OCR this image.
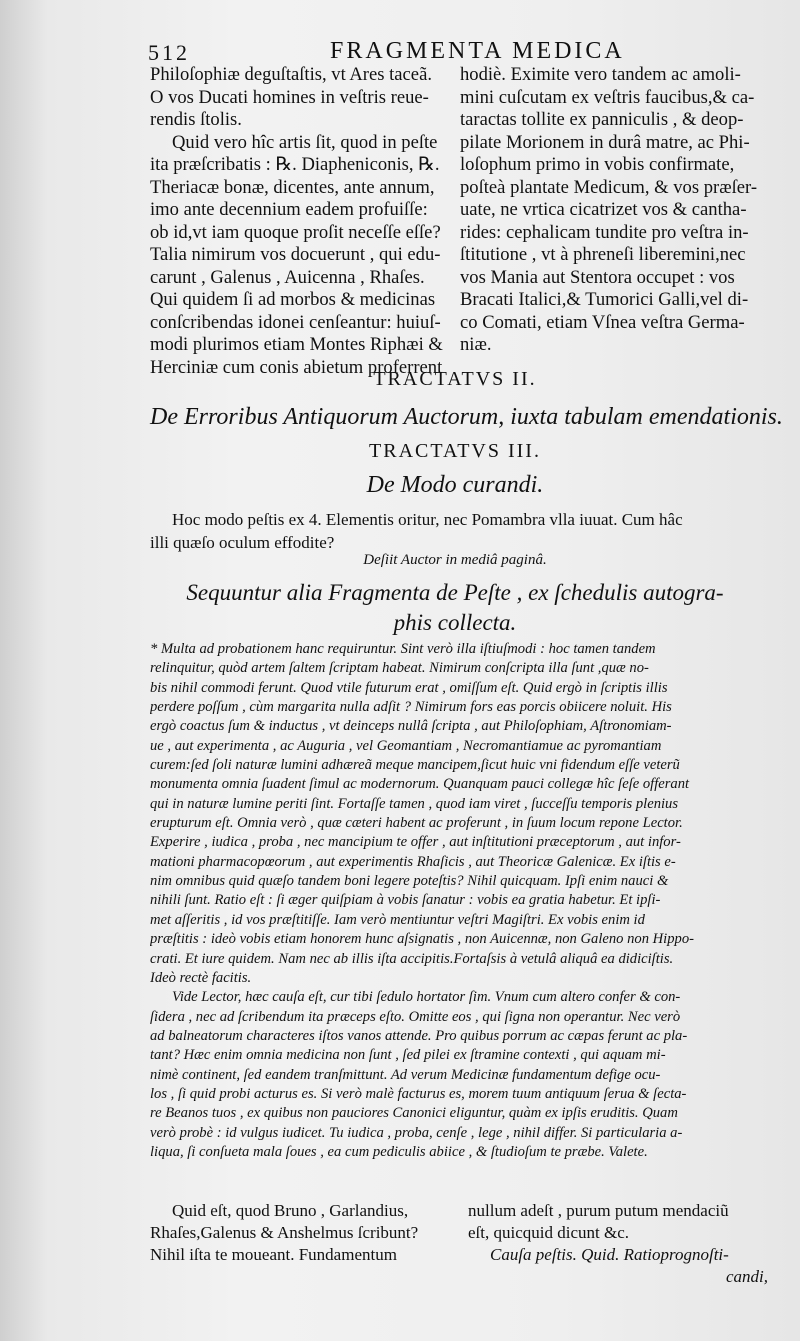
512	FRAGMENTA MEDICA
Philoſophiæ deguſtaſtis, vt Ares taceã.
O vos Ducati homines in veſtris reue-
rendis ſtolis.
Quid vero hîc artis ſit, quod in peſte
ita præſcribatis : ℞. Diapheniconis, ℞.
Theriacæ bonæ, dicentes, ante annum,
imo ante decennium eadem profuiſſe:
ob id,vt iam quoque proſit neceſſe eſſe?
Talia nimirum vos docuerunt , qui edu-
carunt , Galenus , Auicenna , Rhaſes.
Qui quidem ſi ad morbos & medicinas
conſcribendas idonei cenſeantur: huiuſ-
modi plurimos etiam Montes Riphæi &
Herciniæ cum conis abietum proferrent
hodiè. Eximite vero tandem ac amoli-
mini cuſcutam ex veſtris faucibus,& ca-
taractas tollite ex panniculis , & deop-
pilate Morionem in durâ matre, ac Phi-
loſophum primo in vobis confirmate,
poſteà plantate Medicum, & vos præſer-
uate, ne vrtica cicatrizet vos & cantha-
rides: cephalicam tundite pro veſtra in-
ſtitutione , vt à phreneſi liberemini,nec
vos Mania aut Stentora occupet : vos
Bracati Italici,& Tumorici Galli,vel di-
co Comati, etiam Vſnea veſtra Germa-
niæ.
TRACTATVS II.
De Erroribus Antiquorum Auctorum, iuxta tabulam emendationis.
TRACTATVS III.
De Modo curandi.
Hoc modo peſtis ex 4. Elementis oritur, nec Pomambra vlla iuuat. Cum hâc
illi quæſo oculum effodite?
Deſiit Auctor in mediâ paginâ.
Sequuntur alia Fragmenta de Peſte , ex ſchedulis autogra-
phis collecta.
* Multa ad probationem hanc requiruntur. Sint verò illa iſtiuſmodi : hoc tamen tandem
relinquitur, quòd artem ſaltem ſcriptam habeat. Nimirum conſcripta illa ſunt ,quæ no-
bis nihil commodi ferunt. Quod vtile futurum erat , omiſſum eſt. Quid ergò in ſcriptis illis
perdere poſſum , cùm margarita nulla adſit ? Nimirum fors eas porcis obiicere noluit. His
ergò coactus ſum & inductus , vt deinceps nullâ ſcripta , aut Philoſophiam, Aſtronomiam-
ue , aut experimenta , ac Auguria , vel Geomantiam , Necromantiamue ac pyromantiam
curem:ſed ſoli naturæ lumini adhæreã meque mancipem,ſicut huic vni fidendum eſſe veterũ
monumenta omnia ſuadent ſimul ac modernorum. Quanquam pauci collegæ hîc ſeſe offerant
qui in naturæ lumine periti ſint. Fortaſſe tamen , quod iam viret , ſucceſſu temporis plenius
erupturum eſt. Omnia verò , quæ cæteri habent ac proferunt , in ſuum locum repone Lector.
Experire , iudica , proba , nec mancipium te offer , aut inſtitutioni præceptorum , aut infor-
mationi pharmacopœorum , aut experimentis Rhaſicis , aut Theoricæ Galenicæ. Ex iſtis e-
nim omnibus quid quæſo tandem boni legere poteſtis? Nihil quicquam. Ipſi enim nauci &
nihili ſunt. Ratio eſt : ſi æger quiſpiam à vobis ſanatur : vobis ea gratia habetur. Et ipſi-
met aſſeritis , id vos præſtitiſſe. Iam verò mentiuntur veſtri Magiſtri. Ex vobis enim id
præſtitis : ideò vobis etiam honorem hunc aſsignatis , non Auicennæ, non Galeno non Hippo-
crati. Et iure quidem. Nam nec ab illis iſta accipitis.Fortaſsis à vetulâ aliquâ ea didiciſtis.
Ideò rectè facitis.
Vide Lector, hæc cauſa eſt, cur tibi ſedulo hortator ſim. Vnum cum altero confer & con-
ſidera , nec ad ſcribendum ita præceps eſto. Omitte eos , qui ſigna non operantur. Nec verò
ad balneatorum characteres iſtos vanos attende. Pro quibus porrum ac cæpas ferunt ac pla-
tant? Hæc enim omnia medicina non ſunt , ſed pilei ex ſtramine contexti , qui aquam mi-
nimè continent, ſed eandem tranſmittunt. Ad verum Medicinæ fundamentum defige ocu-
los , ſi quid probi acturus es. Si verò malè facturus es, morem tuum antiquum ſerua & ſecta-
re Beanos tuos , ex quibus non pauciores Canonici eliguntur, quàm ex ipſis eruditis. Quam
verò probè : id vulgus iudicet. Tu iudica , proba, cenſe , lege , nihil differ. Si particularia a-
liqua, ſi conſueta mala ſoues , ea cum pediculis abiice , & ſtudioſum te præbe. Valete.
Quid eſt, quod Bruno , Garlandius,
Rhaſes,Galenus & Anshelmus ſcribunt?
Nihil iſta te moueant. Fundamentum
nullum adeſt , purum putum mendaciũ
eſt, quicquid dicunt &c.
Cauſa peſtis. Quid. Ratioprognoſti-
candi,
